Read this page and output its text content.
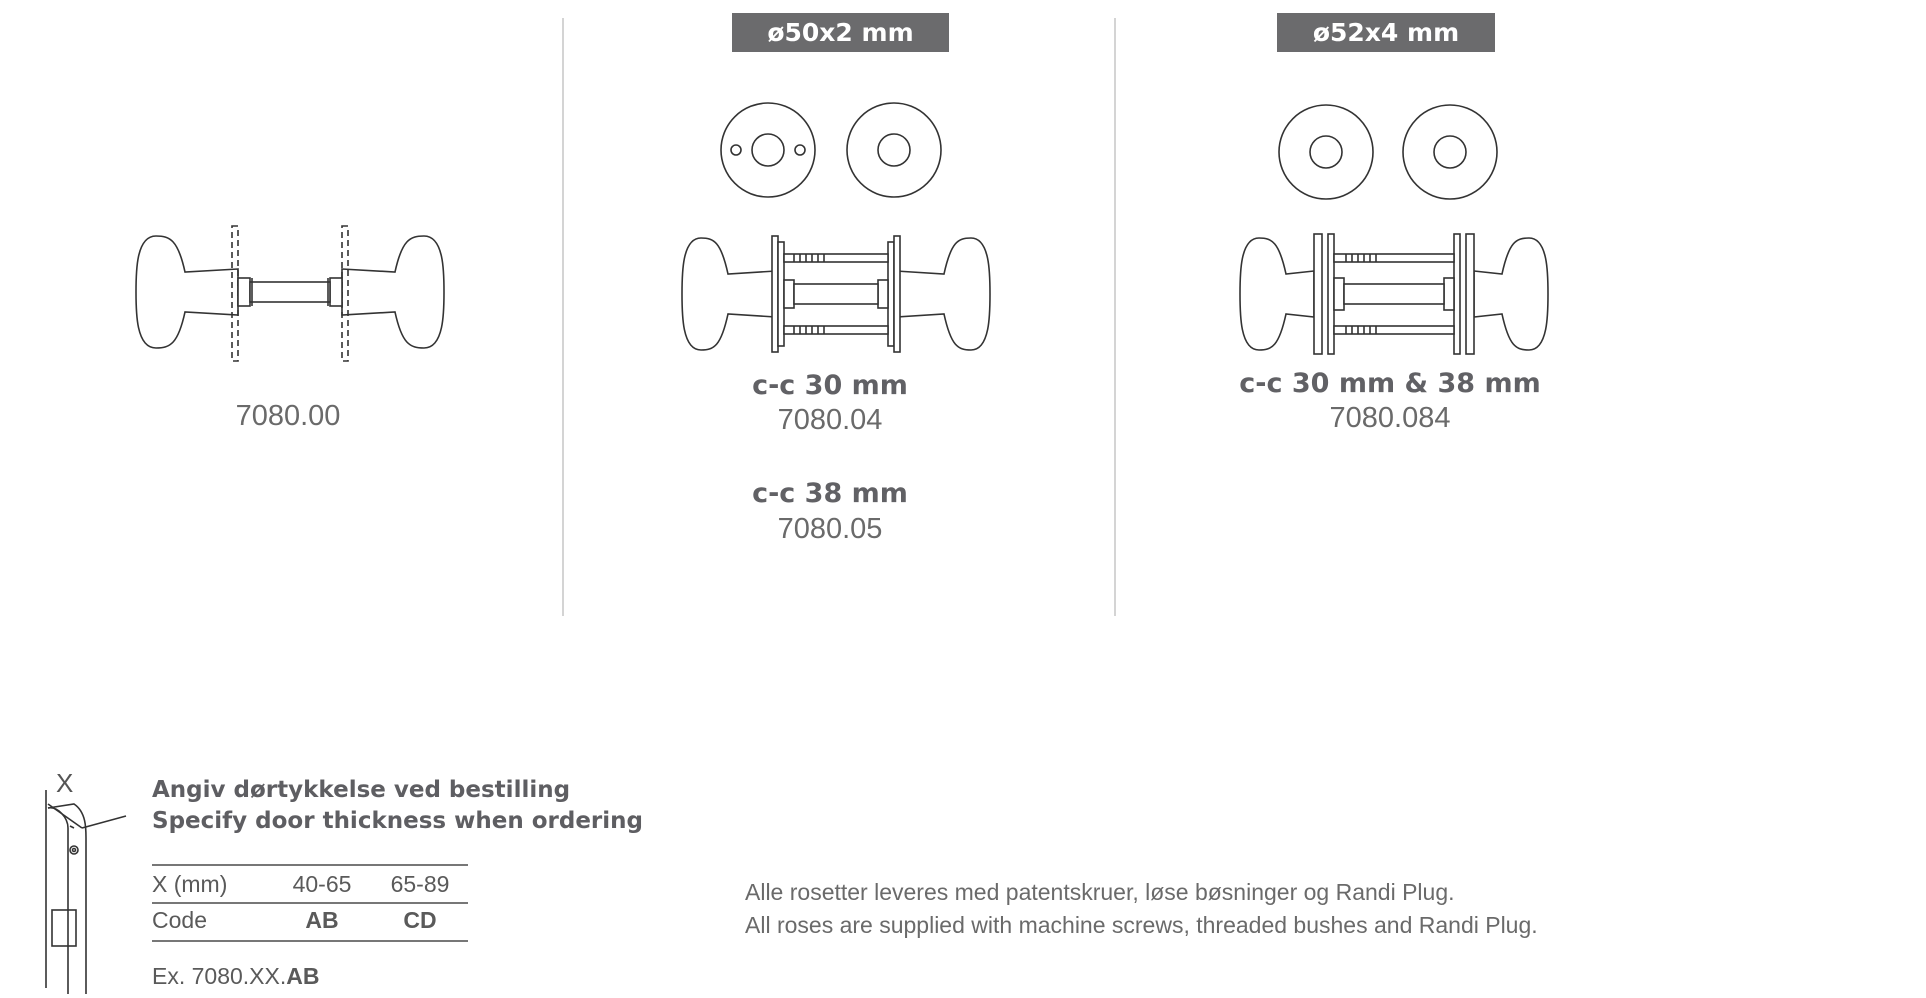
7080.00
ø50x2 mm
c-c 30 mm
7080.04
c-c 38 mm
7080.05
ø52x4 mm
c-c 30 mm & 38 mm
7080.084
X	Angiv dørtykkelse ved bestilling
Specify door thickness when ordering
X (mm)	40-65	65-89
Code	AB	CD
Ex. 7080.XX.AB
Alle rosetter leveres med patentskruer, løse bøsninger og Randi Plug.
All roses are supplied with machine screws, threaded bushes and Randi Plug.
